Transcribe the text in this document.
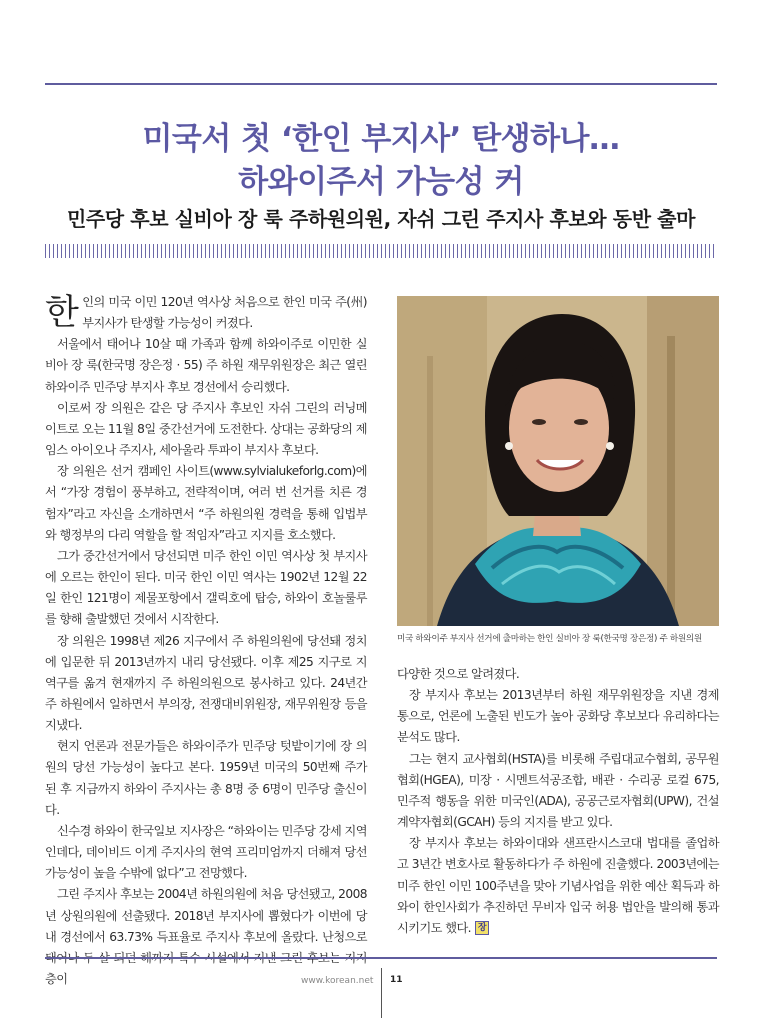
미국서 첫 ‘한인 부지사’ 탄생하나…
하와이주서 가능성 커
민주당 후보 실비아 장 룩 주하원의원, 자쉬 그린 주지사 후보와 동반 출마

한인의 미국 이민 120년 역사상 처음으로 한인 미국 주(州) 부지사가 탄생할 가능성이 커졌다.

서울에서 태어나 10살 때 가족과 함께 하와이주로 이민한 실비아 장 룩(한국명 장은정 · 55) 주 하원 재무위원장은 최근 열린 하와이주 민주당 부지사 후보 경선에서 승리했다.

이로써 장 의원은 같은 당 주지사 후보인 자쉬 그린의 러닝메이트로 오는 11월 8일 중간선거에 도전한다. 상대는 공화당의 제임스 아이오나 주지사, 세아울라 투파이 부지사 후보다.

장 의원은 선거 캠페인 사이트(www.sylvialukeforlg.com)에서 “가장 경험이 풍부하고, 전략적이며, 여러 번 선거를 치른 경험자”라고 자신을 소개하면서 “주 하원의원 경력을 통해 입법부와 행정부의 다리 역할을 할 적임자”라고 지지를 호소했다.

그가 중간선거에서 당선되면 미주 한인 이민 역사상 첫 부지사에 오르는 한인이 된다. 미국 한인 이민 역사는 1902년 12월 22일 한인 121명이 제물포항에서 갤릭호에 탑승, 하와이 호놀룰루를 향해 출발했던 것에서 시작한다.

장 의원은 1998년 제26 지구에서 주 하원의원에 당선돼 정치에 입문한 뒤 2013년까지 내리 당선됐다. 이후 제25 지구로 지역구를 옮겨 현재까지 주 하원의원으로 봉사하고 있다. 24년간 주 하원에서 일하면서 부의장, 전쟁대비위원장, 재무위원장 등을 지냈다.

현지 언론과 전문가들은 하와이주가 민주당 텃밭이기에 장 의원의 당선 가능성이 높다고 본다. 1959년 미국의 50번째 주가 된 후 지금까지 하와이 주지사는 총 8명 중 6명이 민주당 출신이다.

신수경 하와이 한국일보 지사장은 “하와이는 민주당 강세 지역인데다, 데이비드 이게 주지사의 현역 프리미엄까지 더해져 당선 가능성이 높을 수밖에 없다”고 전망했다.

그린 주지사 후보는 2004년 하원의원에 처음 당선됐고, 2008년 상원의원에 선출됐다. 2018년 부지사에 뽑혔다가 이번에 당내 경선에서 63.73% 득표율로 주지사 후보에 올랐다. 난청으로 층이

미국 하와이주 부지사 선거에 출마하는 한인 실비아 장 룩(한국명 장은정) 주 하원의원

다양한 것으로 알려졌다.

장 부지사 후보는 2013년부터 하원 재무위원장을 지낸 경제통으로, 언론에 노출된 빈도가 높아 공화당 후보보다 유리하다는 분석도 많다.

그는 현지 교사협회(HSTA)를 비롯해 주립대교수협회, 공무원협회(HGEA), 미장 · 시멘트석공조합, 배관 · 수리공 로컬 675, 민주적 행동을 위한 미국인(ADA), 공공근로자협회(UPW), 건설계약자협회(GCAH) 등의 지지를 받고 있다.

장 부지사 후보는 하와이대와 샌프란시스코대 법대를 졸업하고 3년간 변호사로 활동하다가 주 하원에 진출했다. 2003년에는 미주 한인 이민 100주년을 맞아 기념사업을 위한 예산 획득과 하와이 한인사회가 추진하던 무비자 입국 허용 법안을 발의해 통과시키기도 했다. 장

www.korean.net 11
